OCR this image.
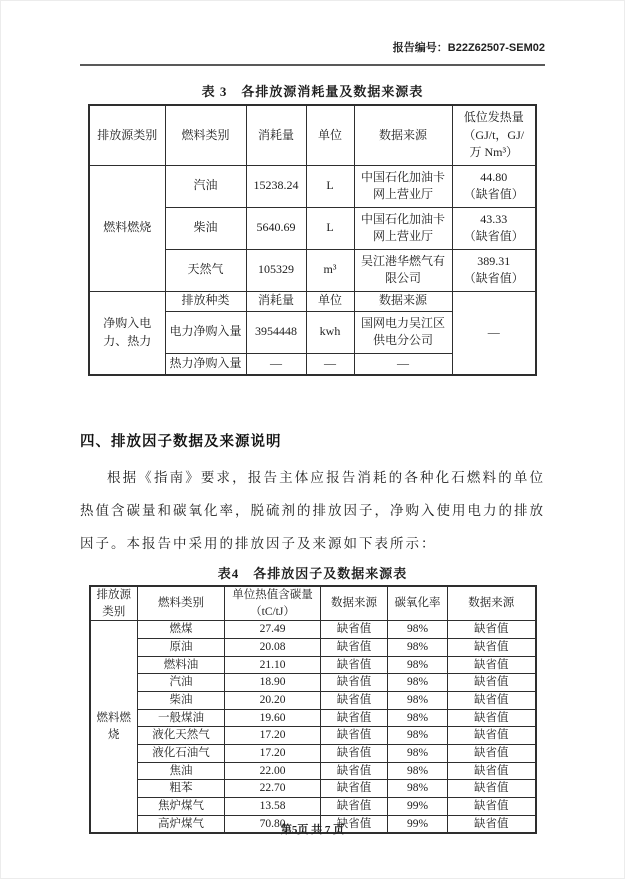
报告编号：B22Z62507-SEM02
表 3　各排放源消耗量及数据来源表
排放源类别	燃料类别	消耗量	单位	数据来源	低位发热量
（GJ/t，GJ/
万 Nm³）

燃料燃烧	汽油	15238.24	L	中国石化加油卡网上营业厅	44.80
（缺省值）

	柴油	5640.69	L	中国石化加油卡网上营业厅	43.33
（缺省值）

	天然气	105329	m³	吴江港华燃气有限公司	389.31
（缺省值）

净购入电力、热力	排放种类	消耗量	单位	数据来源	—
	电力净购入量	3954448	kwh	国网电力吴江区供电分公司	
	热力净购入量	—	—	—	
四、排放因子数据及来源说明
根据《指南》要求，报告主体应报告消耗的各种化石燃料的单位热值含碳量和碳氧化率，脱硫剂的排放因子，净购入使用电力的排放因子。本报告中采用的排放因子及来源如下表所示：
表4　各排放因子及数据来源表
排放源类别	燃料类别	单位热值含碳量
（tC/tJ）	数据来源	碳氧化率	数据来源
燃料燃烧	燃煤	27.49	缺省值	98%	缺省值
	原油	20.08	缺省值	98%	缺省值
	燃料油	21.10	缺省值	98%	缺省值
	汽油	18.90	缺省值	98%	缺省值
	柴油	20.20	缺省值	98%	缺省值
	一般煤油	19.60	缺省值	98%	缺省值
	液化天然气	17.20	缺省值	98%	缺省值
	液化石油气	17.20	缺省值	98%	缺省值
	焦油	22.00	缺省值	98%	缺省值
	粗苯	22.70	缺省值	98%	缺省值
	焦炉煤气	13.58	缺省值	99%	缺省值
	高炉煤气	70.80	缺省值	99%	缺省值
第5页 共 7 页
